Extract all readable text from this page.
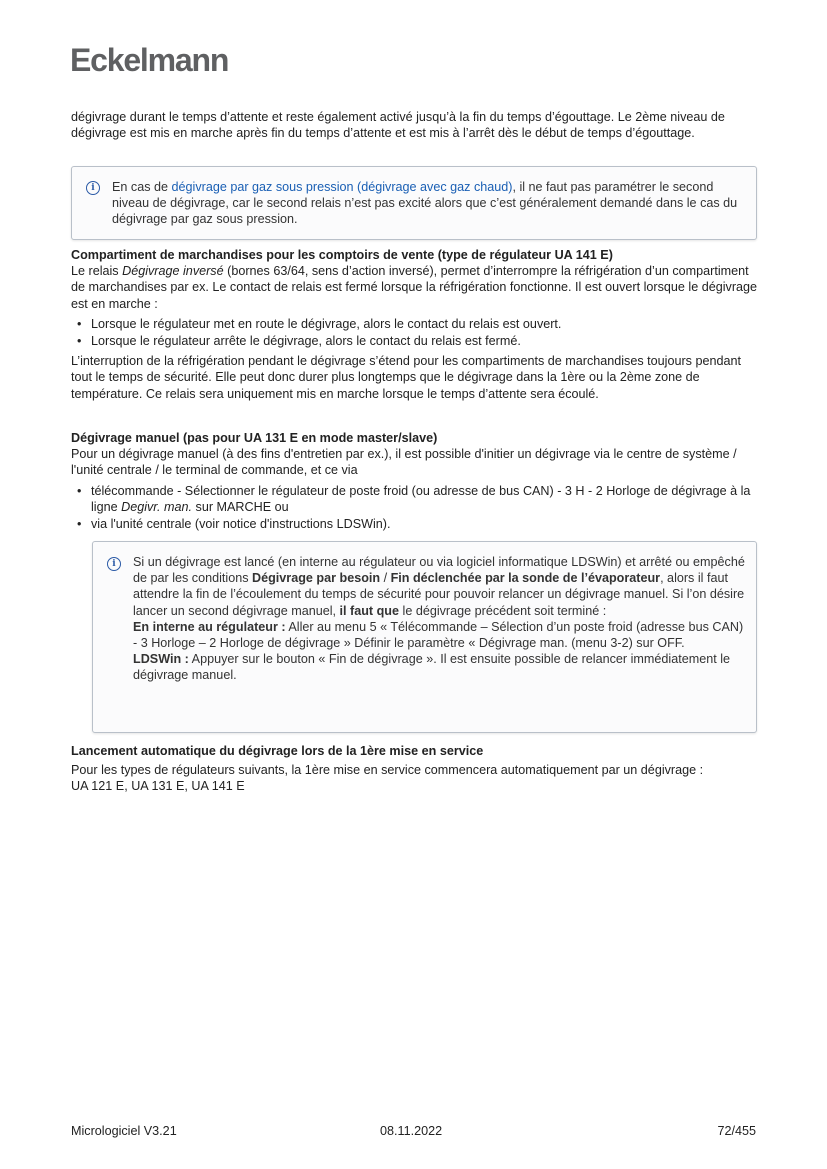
Eckelmann

dégivrage durant le temps d’attente et reste également activé jusqu’à la fin du temps d’égouttage. Le 2ème niveau de dégivrage est mis en marche après fin du temps d’attente et est mis à l’arrêt dès le début de temps d’égouttage.

i	En cas de dégivrage par gaz sous pression (dégivrage avec gaz chaud), il ne faut pas paramétrer le second niveau de dégivrage, car le second relais n’est pas excité alors que c’est généralement demandé dans le cas du dégivrage par gaz sous pression.
Compartiment de marchandises pour les comptoirs de vente (type de régulateur UA 141 E)

Le relais Dégivrage inversé (bornes 63/64, sens d’action inversé), permet d’interrompre la réfrigération d’un compartiment de marchandises par ex. Le contact de relais est fermé lorsque la réfrigération fonctionne. Il est ouvert lorsque le dégivrage est en marche :

• Lorsque le régulateur met en route le dégivrage, alors le contact du relais est ouvert.
• Lorsque le régulateur arrête le dégivrage, alors le contact du relais est fermé.

L’interruption de la réfrigération pendant le dégivrage s’étend pour les compartiments de marchandises toujours pendant tout le temps de sécurité. Elle peut donc durer plus longtemps que le dégivrage dans la 1ère ou la 2ème zone de température. Ce relais sera uniquement mis en marche lorsque le temps d’attente sera écoulé.

Dégivrage manuel (pas pour UA 131 E en mode master/slave)

Pour un dégivrage manuel (à des fins d'entretien par ex.), il est possible d'initier un dégivrage via le centre de système / l'unité centrale / le terminal de commande, et ce via

• télécommande - Sélectionner le régulateur de poste froid (ou adresse de bus CAN) - 3 H - 2 Horloge de dégivrage à la ligne Degivr. man. sur MARCHE ou
• via l'unité centrale (voir notice d'instructions LDSWin).
i	Si un dégivrage est lancé (en interne au régulateur ou via logiciel informatique LDSWin) et arrêté ou empêché de par les conditions Dégivrage par besoin / Fin déclenchée par la sonde de l’évaporateur, alors il faut attendre la fin de l’écoulement du temps de sécurité pour pouvoir relancer un dégivrage manuel. Si l’on désire lancer un second dégivrage manuel, il faut que le dégivrage précédent soit terminé :

En interne au régulateur : Aller au menu 5 « Télécommande – Sélection d’un poste froid (adresse bus CAN) - 3 Horloge – 2 Horloge de dégivrage » Définir le paramètre « Dégivrage man. (menu 3-2) sur OFF.

LDSWin : Appuyer sur le bouton « Fin de dégivrage ». Il est ensuite possible de relancer immédiatement le dégivrage manuel.

Lancement automatique du dégivrage lors de la 1ère mise en service

Pour les types de régulateurs suivants, la 1ère mise en service commencera automatiquement par un dégivrage :

UA 121 E, UA 131 E, UA 141 E

Micrologiciel V3.21	08.11.2022	72/455
